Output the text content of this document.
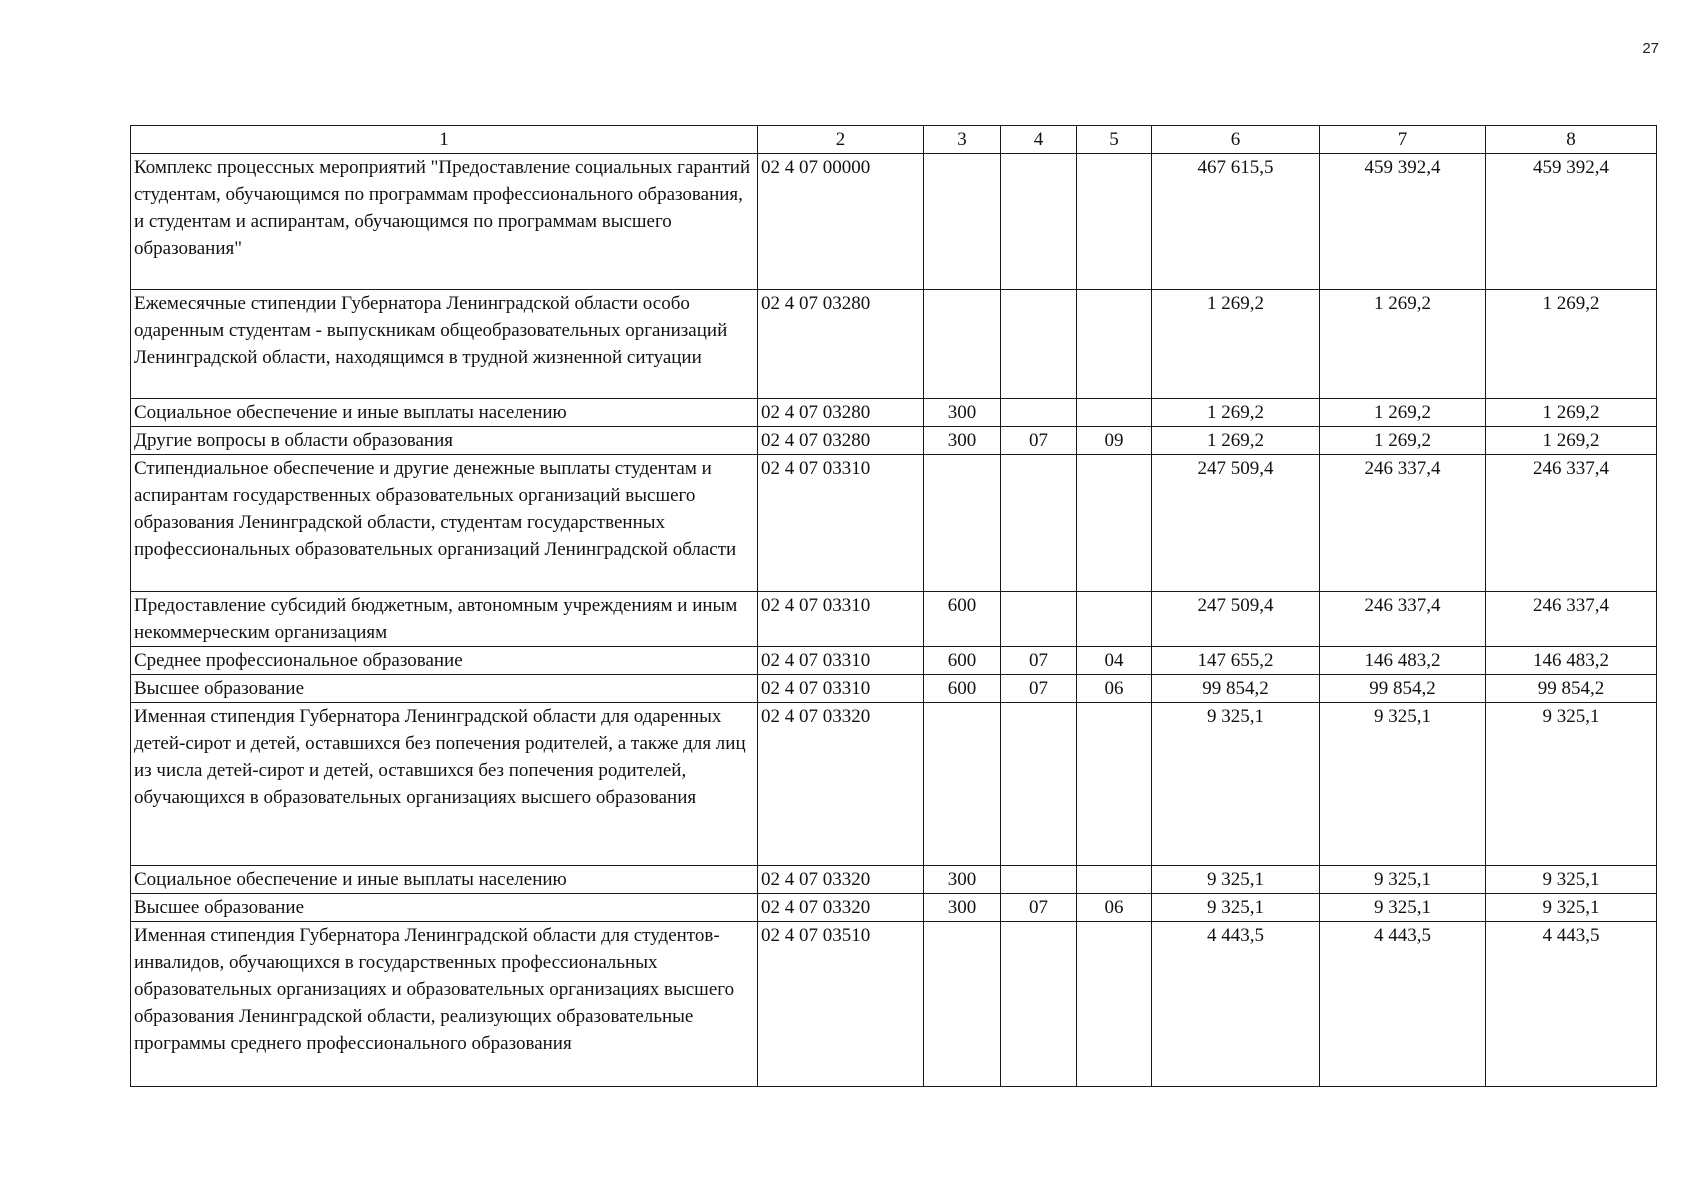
27
1	2	3	4	5	6	7	8
Комплекс процессных мероприятий "Предоставление социальных гарантий студентам, обучающимся по программам профессионального образования, и студентам и аспирантам, обучающимся по программам высшего образования"	02 4 07 00000				467 615,5	459 392,4	459 392,4
Ежемесячные стипендии Губернатора Ленинградской области особо одаренным студентам - выпускникам общеобразовательных организаций Ленинградской области, находящимся в трудной жизненной ситуации	02 4 07 03280				1 269,2	1 269,2	1 269,2
Социальное обеспечение и иные выплаты населению	02 4 07 03280	300			1 269,2	1 269,2	1 269,2
Другие вопросы в области образования	02 4 07 03280	300	07	09	1 269,2	1 269,2	1 269,2
Стипендиальное обеспечение и другие денежные выплаты студентам и аспирантам государственных образовательных организаций высшего образования Ленинградской области, студентам государственных профессиональных образовательных организаций Ленинградской области	02 4 07 03310				247 509,4	246 337,4	246 337,4
Предоставление субсидий бюджетным, автономным учреждениям и иным некоммерческим организациям	02 4 07 03310	600			247 509,4	246 337,4	246 337,4
Среднее профессиональное образование	02 4 07 03310	600	07	04	147 655,2	146 483,2	146 483,2
Высшее образование	02 4 07 03310	600	07	06	99 854,2	99 854,2	99 854,2
Именная стипендия Губернатора Ленинградской области для одаренных детей-сирот и детей, оставшихся без попечения родителей, а также для лиц из числа детей-сирот и детей, оставшихся без попечения родителей, обучающихся в образовательных организациях высшего образования	02 4 07 03320				9 325,1	9 325,1	9 325,1
Социальное обеспечение и иные выплаты населению	02 4 07 03320	300			9 325,1	9 325,1	9 325,1
Высшее образование	02 4 07 03320	300	07	06	9 325,1	9 325,1	9 325,1
Именная стипендия Губернатора Ленинградской области для студентов-инвалидов, обучающихся в государственных профессиональных образовательных организациях и образовательных организациях высшего образования Ленинградской области, реализующих образовательные программы среднего профессионального образования	02 4 07 03510				4 443,5	4 443,5	4 443,5
